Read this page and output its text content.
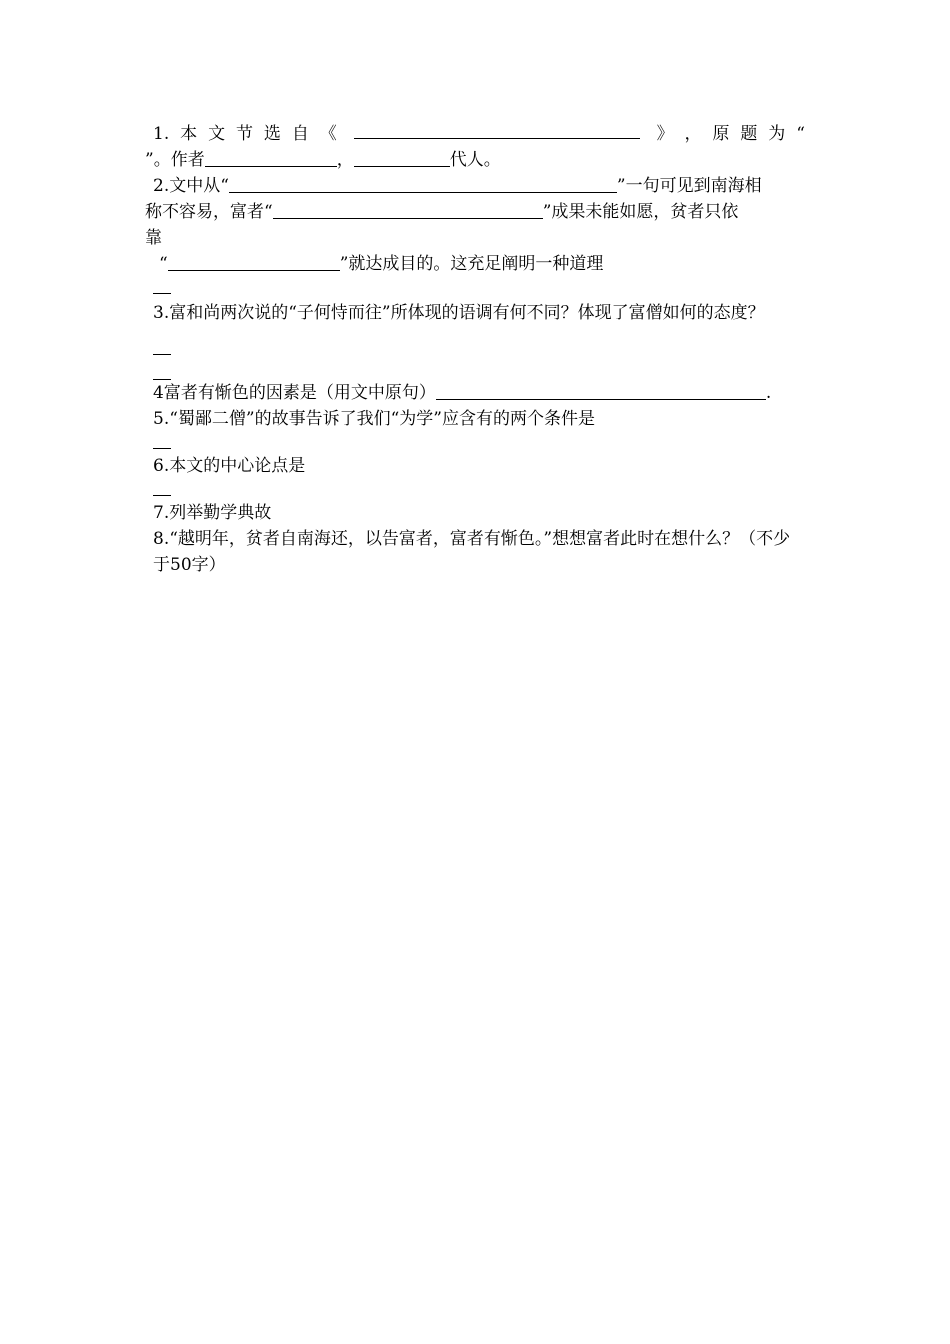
1. 本 文 节 选 自 《	》 ， 原 题 为 “
”。作者	，	代人。
2.文中从“	”一句可见到南海相
称不容易，富者“	”成果未能如愿，贫者只依
靠
“	”就达成目的。这充足阐明一种道理
3.富和尚两次说的“子何恃而往”所体现的语调有何不同？体现了富僧如何的态度？
4富者有惭色的因素是（用文中原句）	.
5.“蜀鄙二僧”的故事告诉了我们“为学”应含有的两个条件是
6.本文的中心论点是
7.列举勤学典故
8.“越明年，贫者自南海还，以告富者，富者有惭色。”想想富者此时在想什么？（不少于50字）
